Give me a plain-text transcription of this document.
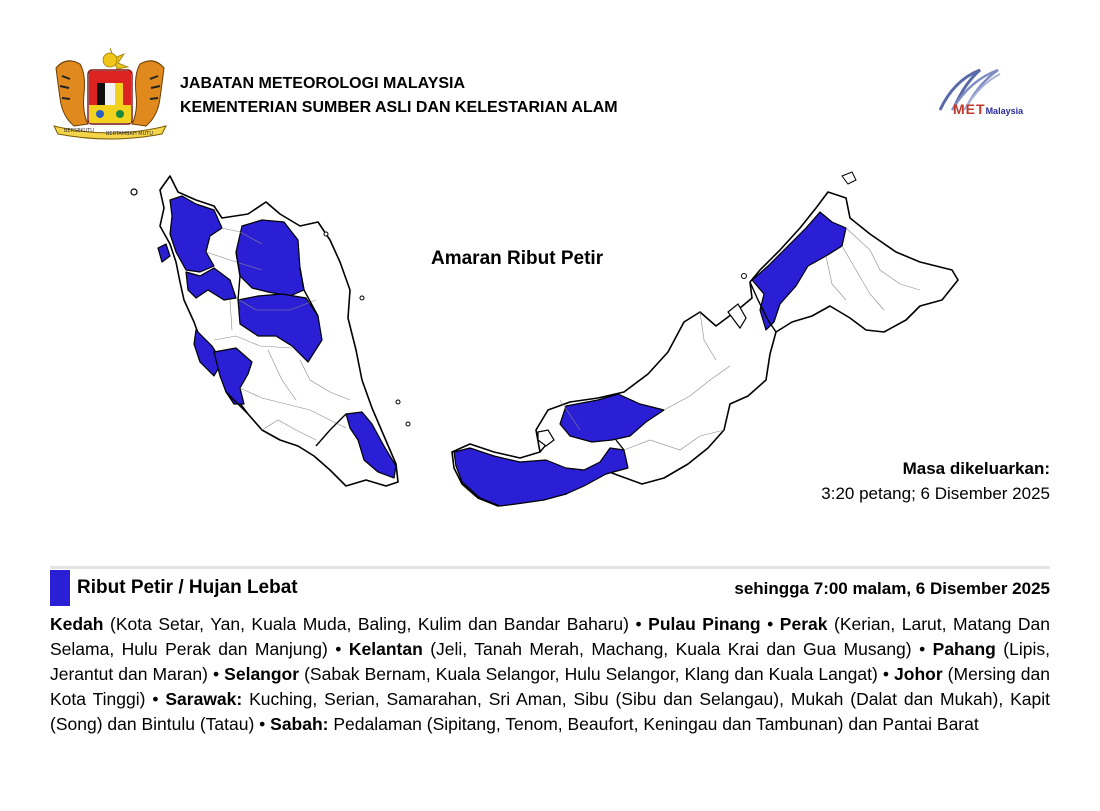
BERSEKUTU BERTAMBAH MUTU
JABATAN METEOROLOGI MALAYSIA
KEMENTERIAN SUMBER ASLI DAN KELESTARIAN ALAM	METMalaysia
Amaran Ribut Petir
Masa dikeluarkan:
3:20 petang; 6 Disember 2025
Ribut Petir / Hujan Lebat	sehingga 7:00 malam, 6 Disember 2025
Kedah (Kota Setar, Yan, Kuala Muda, Baling, Kulim dan Bandar Baharu) • Pulau Pinang • Perak (Kerian, Larut, Matang Dan Selama, Hulu Perak dan Manjung) • Kelantan (Jeli, Tanah Merah, Machang, Kuala Krai dan Gua Musang) • Pahang (Lipis, Jerantut dan Maran) • Selangor (Sabak Bernam, Kuala Selangor, Hulu Selangor, Klang dan Kuala Langat) • Johor (Mersing dan Kota Tinggi) • Sarawak: Kuching, Serian, Samarahan, Sri Aman, Sibu (Sibu dan Selangau), Mukah (Dalat dan Mukah), Kapit (Song) dan Bintulu (Tatau) • Sabah: Pedalaman (Sipitang, Tenom, Beaufort, Keningau dan Tambunan) dan Pantai Barat
